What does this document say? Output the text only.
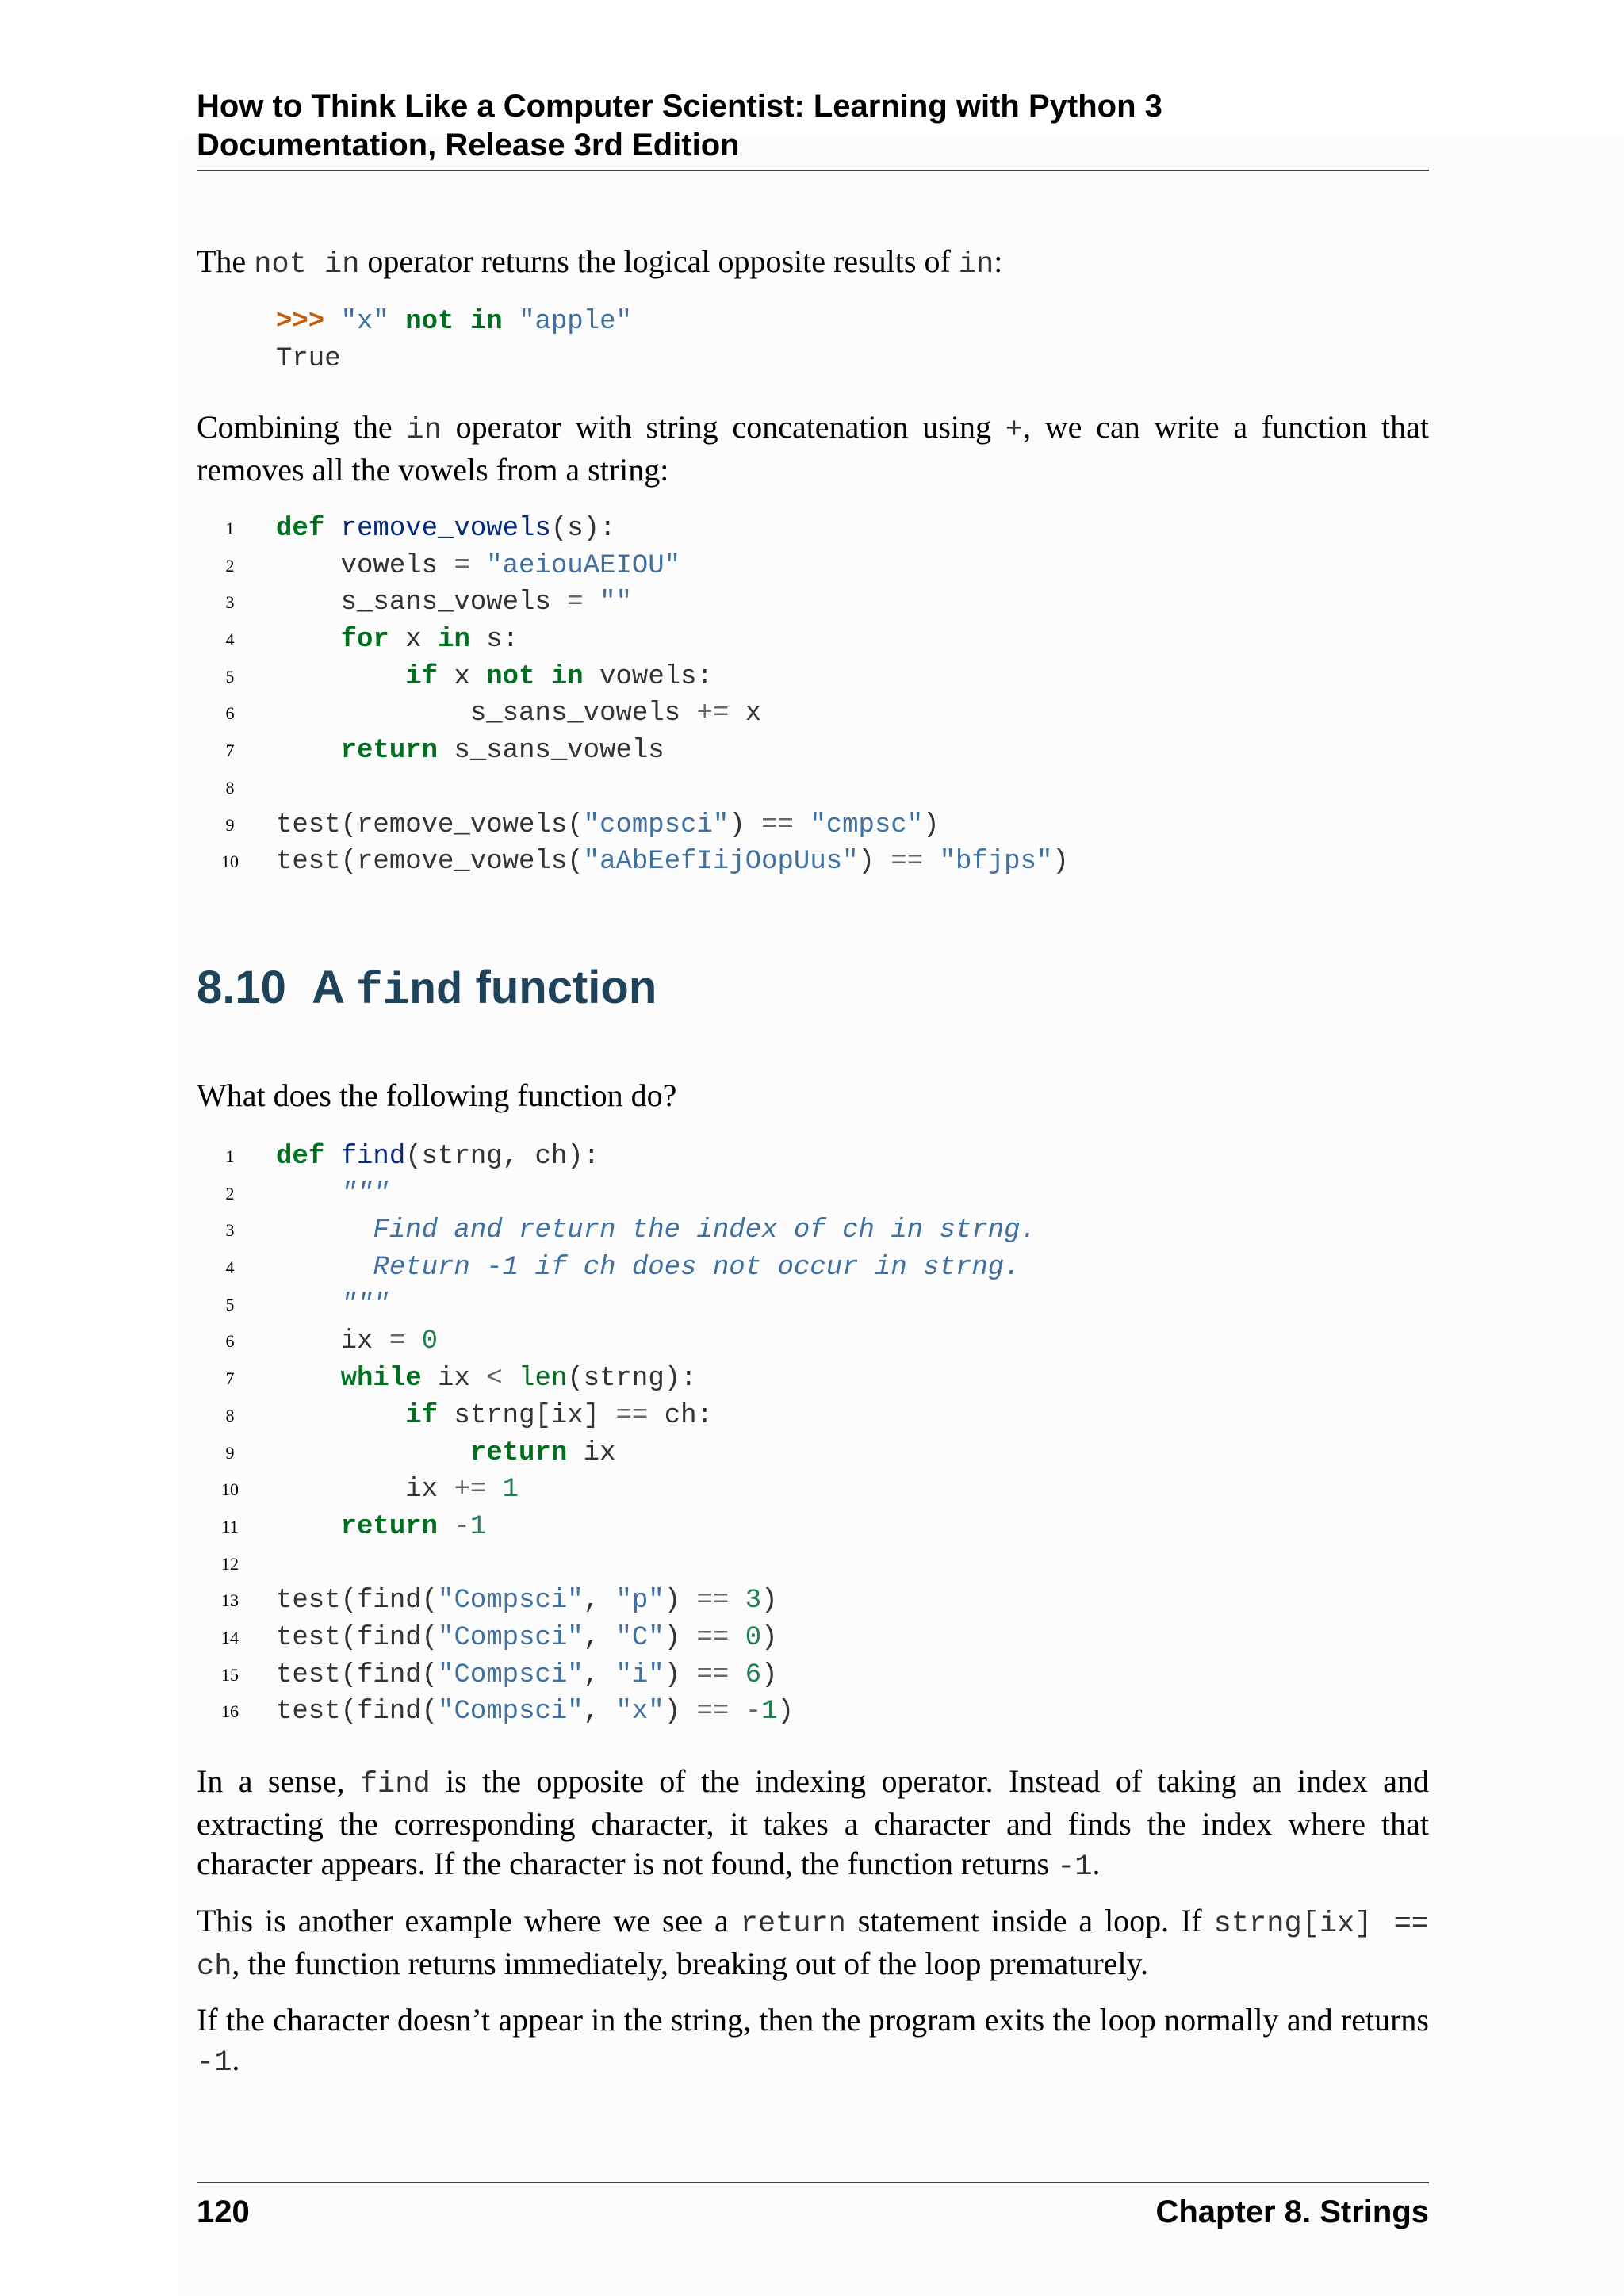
How to Think Like a Computer Scientist: Learning with Python 3
Documentation, Release 3rd Edition

The not in operator returns the logical opposite results of in:

>>> "x" not in "apple"
True

Combining the in operator with string concatenation using +, we can write a function that removes all the vowels from a string:

1	def remove_vowels(s):
2	vowels = "aeiouAEIOU"
3	s_sans_vowels = ""
4	for x in s:
5	if x not in vowels:
6	s_sans_vowels += x
7	return s_sans_vowels
8
9	test(remove_vowels("compsci") == "cmpsc")
10 test(remove_vowels("aAbEefIijOopUus") == "bfjps")
8.10 A find function

What does the following function do?

1	def find(strng, ch):
2	"""
3	Find and return the index of ch in strng.
4	Return -1 if ch does not occur in strng.
5	"""
6	ix = 0
7	while ix < len(strng):
8	if strng[ix] == ch:
9	return ix
10 ix += 1
11	return -1
12
13 test(find("Compsci", "p") == 3)
14 test(find("Compsci", "C") == 0)
15 test(find("Compsci", "i") == 6)
16 test(find("Compsci", "x") == -1)

In a sense, find is the opposite of the indexing operator. Instead of taking an index and extracting the corresponding character, it takes a character and finds the index where that character appears. If the character is not found, the function returns -1.

This is another example where we see a return statement inside a loop. If strng[ix] == ch, the function returns immediately, breaking out of the loop prematurely.

If the character doesn’t appear in the string, then the program exits the loop normally and returns -1.

120	Chapter 8. Strings
